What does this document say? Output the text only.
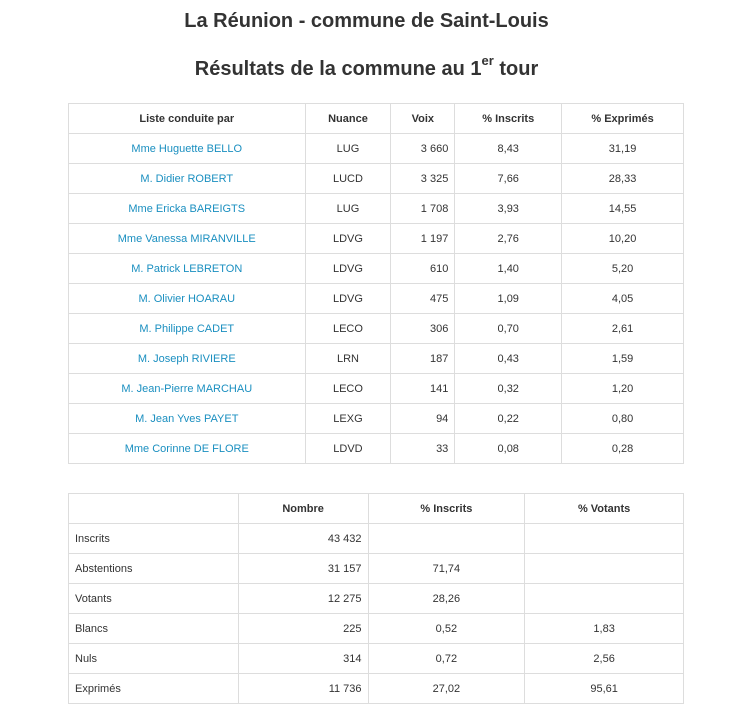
La Réunion - commune de Saint-Louis
Résultats de la commune au 1er tour
Liste conduite par	Nuance	Voix	% Inscrits	% Exprimés
Mme Huguette BELLO	LUG	3 660	8,43	31,19
M. Didier ROBERT	LUCD	3 325	7,66	28,33
Mme Ericka BAREIGTS	LUG	1 708	3,93	14,55
Mme Vanessa MIRANVILLE	LDVG	1 197	2,76	10,20
M. Patrick LEBRETON	LDVG	610	1,40	5,20
M. Olivier HOARAU	LDVG	475	1,09	4,05
M. Philippe CADET	LECO	306	0,70	2,61
M. Joseph RIVIERE	LRN	187	0,43	1,59
M. Jean-Pierre MARCHAU	LECO	141	0,32	1,20
M. Jean Yves PAYET	LEXG	94	0,22	0,80
Mme Corinne DE FLORE	LDVD	33	0,08	0,28
	Nombre	% Inscrits	% Votants
Inscrits	43 432		
Abstentions	31 157	71,74	
Votants	12 275	28,26	
Blancs	225	0,52	1,83
Nuls	314	0,72	2,56
Exprimés	11 736	27,02	95,61
